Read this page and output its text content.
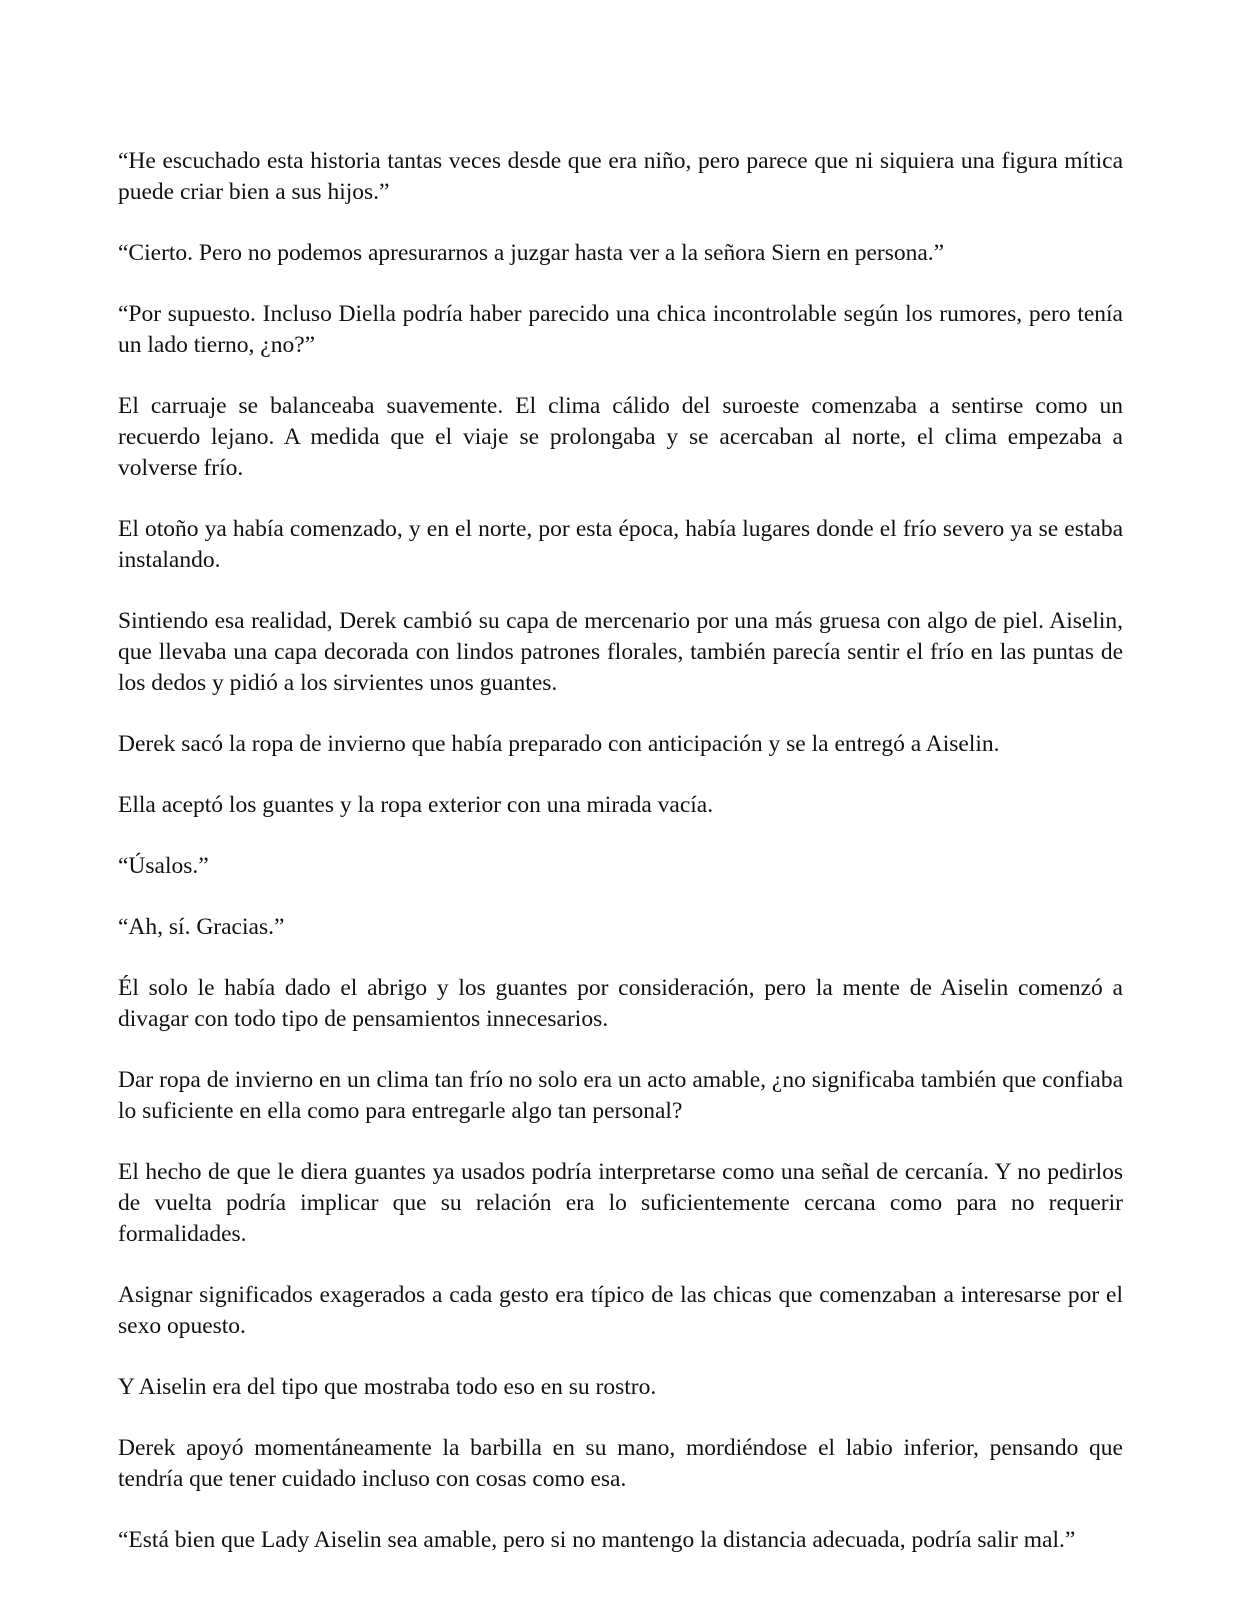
“He escuchado esta historia tantas veces desde que era niño, pero parece que ni siquiera una figura mítica puede criar bien a sus hijos.”

“Cierto. Pero no podemos apresurarnos a juzgar hasta ver a la señora Siern en persona.”

“Por supuesto. Incluso Diella podría haber parecido una chica incontrolable según los rumores, pero tenía un lado tierno, ¿no?”

El carruaje se balanceaba suavemente. El clima cálido del suroeste comenzaba a sentirse como un recuerdo lejano. A medida que el viaje se prolongaba y se acercaban al norte, el clima empezaba a volverse frío.

El otoño ya había comenzado, y en el norte, por esta época, había lugares donde el frío severo ya se estaba instalando.

Sintiendo esa realidad, Derek cambió su capa de mercenario por una más gruesa con algo de piel. Aiselin, que llevaba una capa decorada con lindos patrones florales, también parecía sentir el frío en las puntas de los dedos y pidió a los sirvientes unos guantes.

Derek sacó la ropa de invierno que había preparado con anticipación y se la entregó a Aiselin.

Ella aceptó los guantes y la ropa exterior con una mirada vacía.

“Úsalos.”

“Ah, sí. Gracias.”

Él solo le había dado el abrigo y los guantes por consideración, pero la mente de Aiselin comenzó a divagar con todo tipo de pensamientos innecesarios.

Dar ropa de invierno en un clima tan frío no solo era un acto amable, ¿no significaba también que confiaba lo suficiente en ella como para entregarle algo tan personal?

El hecho de que le diera guantes ya usados podría interpretarse como una señal de cercanía. Y no pedirlos de vuelta podría implicar que su relación era lo suficientemente cercana como para no requerir formalidades.

Asignar significados exagerados a cada gesto era típico de las chicas que comenzaban a interesarse por el sexo opuesto.

Y Aiselin era del tipo que mostraba todo eso en su rostro.

Derek apoyó momentáneamente la barbilla en su mano, mordiéndose el labio inferior, pensando que tendría que tener cuidado incluso con cosas como esa.

“Está bien que Lady Aiselin sea amable, pero si no mantengo la distancia adecuada, podría salir mal.”
